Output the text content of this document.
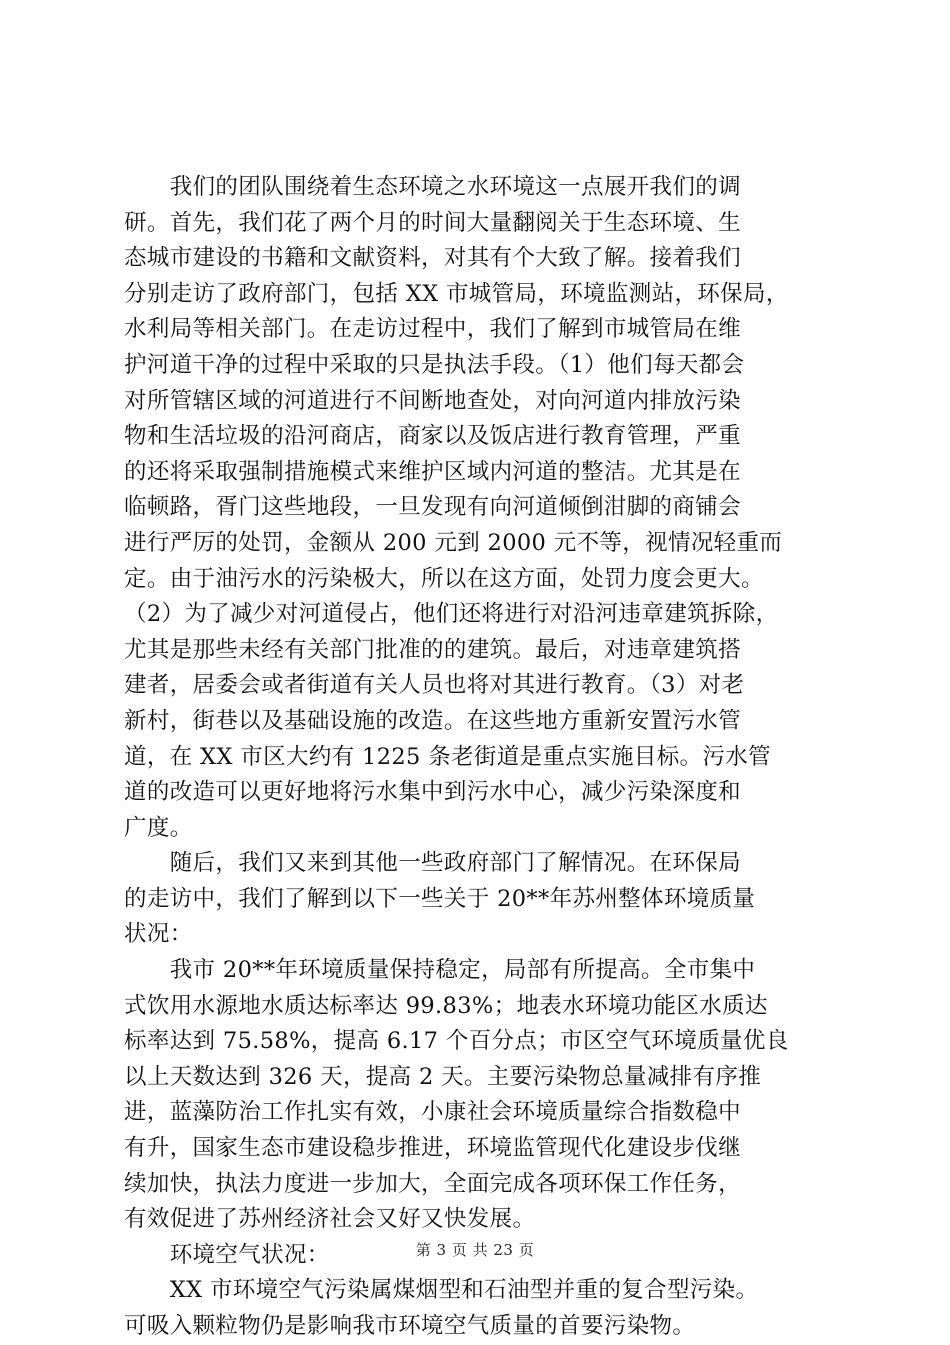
　　我们的团队围绕着生态环境之水环境这一点展开我们的调
研。首先，我们花了两个月的时间大量翻阅关于生态环境、生
态城市建设的书籍和文献资料，对其有个大致了解。接着我们
分别走访了政府部门，包括 XX 市城管局，环境监测站，环保局，
水利局等相关部门。在走访过程中，我们了解到市城管局在维
护河道干净的过程中采取的只是执法手段。（1）他们每天都会
对所管辖区域的河道进行不间断地查处，对向河道内排放污染
物和生活垃圾的沿河商店，商家以及饭店进行教育管理，严重
的还将采取强制措施模式来维护区域内河道的整洁。尤其是在
临顿路，胥门这些地段，一旦发现有向河道倾倒泔脚的商铺会
进行严厉的处罚，金额从 200 元到 2000 元不等，视情况轻重而
定。由于油污水的污染极大，所以在这方面，处罚力度会更大。
（2）为了减少对河道侵占，他们还将进行对沿河违章建筑拆除，
尤其是那些未经有关部门批准的的建筑。最后，对违章建筑搭
建者，居委会或者街道有关人员也将对其进行教育。（3）对老
新村，街巷以及基础设施的改造。在这些地方重新安置污水管
道，在 XX 市区大约有 1225 条老街道是重点实施目标。污水管
道的改造可以更好地将污水集中到污水中心，减少污染深度和
广度。
　　随后，我们又来到其他一些政府部门了解情况。在环保局
的走访中，我们了解到以下一些关于 20**年苏州整体环境质量
状况：
　　我市 20**年环境质量保持稳定，局部有所提高。全市集中
式饮用水源地水质达标率达 99.83%；地表水环境功能区水质达
标率达到 75.58%，提高 6.17 个百分点；市区空气环境质量优良
以上天数达到 326 天，提高 2 天。主要污染物总量减排有序推
进，蓝藻防治工作扎实有效，小康社会环境质量综合指数稳中
有升，国家生态市建设稳步推进，环境监管现代化建设步伐继
续加快，执法力度进一步加大，全面完成各项环保工作任务，
有效促进了苏州经济社会又好又快发展。
　　环境空气状况：
　　XX 市环境空气污染属煤烟型和石油型并重的复合型污染。
可吸入颗粒物仍是影响我市环境空气质量的首要污染物。
第 3 页 共 23 页
